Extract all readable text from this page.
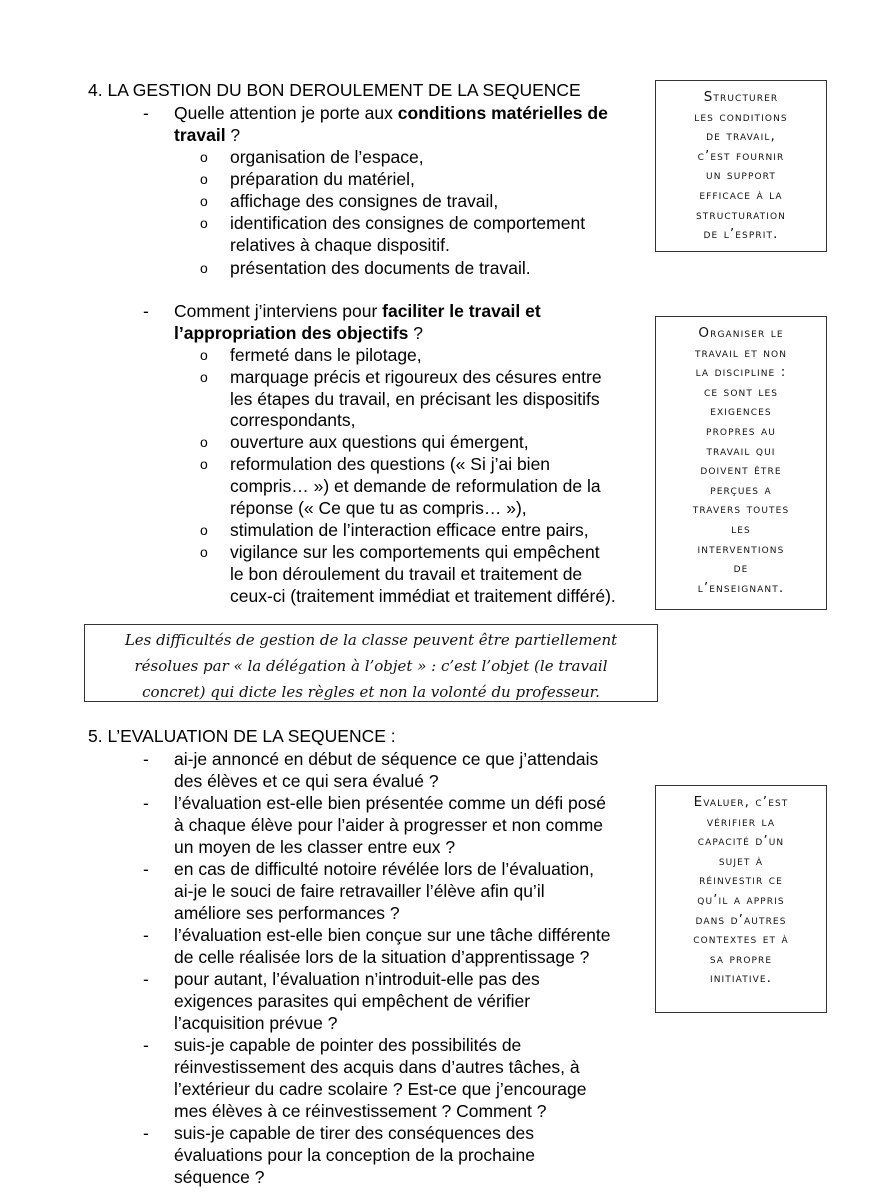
4. LA GESTION DU BON DEROULEMENT DE LA SEQUENCE
- Quelle attention je porte aux conditions matérielles de
travail ?
o organisation de l’espace,
o préparation du matériel,
o affichage des consignes de travail,
o identification des consignes de comportement
relatives à chaque dispositif.
o présentation des documents de travail.
- Comment j’interviens pour faciliter le travail et
l’appropriation des objectifs ?
o fermeté dans le pilotage,
o marquage précis et rigoureux des césures entre
les étapes du travail, en précisant les dispositifs
correspondants,
o ouverture aux questions qui émergent,
o reformulation des questions (« Si j’ai bien
compris… ») et demande de reformulation de la
réponse (« Ce que tu as compris… »),
o stimulation de l’interaction efficace entre pairs,
o vigilance sur les comportements qui empêchent
le bon déroulement du travail et traitement de
ceux-ci (traitement immédiat et traitement différé).

Structurer

les conditions

de travail,

c’est fournir

un support

efficace à la

structuration

de l’esprit.

Organiser le

travail et non

la discipline :

ce sont les

exigences

propres au

travail qui

doivent être

perçues a

travers toutes

les

interventions

de

l’enseignant.

Les difficultés de gestion de la classe peuvent être partiellement

résolues par « la délégation à l’objet » : c’est l’objet (le travail

concret) qui dicte les règles et non la volonté du professeur.

5. L’EVALUATION DE LA SEQUENCE :
- ai-je annoncé en début de séquence ce que j’attendais
des élèves et ce qui sera évalué ?
- l’évaluation est-elle bien présentée comme un défi posé
à chaque élève pour l’aider à progresser et non comme
un moyen de les classer entre eux ?
- en cas de difficulté notoire révélée lors de l’évaluation,
ai-je le souci de faire retravailler l’élève afin qu’il
améliore ses performances ?
- l’évaluation est-elle bien conçue sur une tâche différente
de celle réalisée lors de la situation d’apprentissage ?
- pour autant, l’évaluation n’introduit-elle pas des
exigences parasites qui empêchent de vérifier
l’acquisition prévue ?
- suis-je capable de pointer des possibilités de
réinvestissement des acquis dans d’autres tâches, à
l’extérieur du cadre scolaire ? Est-ce que j’encourage
mes élèves à ce réinvestissement ? Comment ?
- suis-je capable de tirer des conséquences des
évaluations pour la conception de la prochaine
séquence ?

Evaluer, c’est

vérifier la

capacité d’un

sujet à

réinvestir ce

qu’il a appris

dans d’autres

contextes et à

sa propre

initiative.
